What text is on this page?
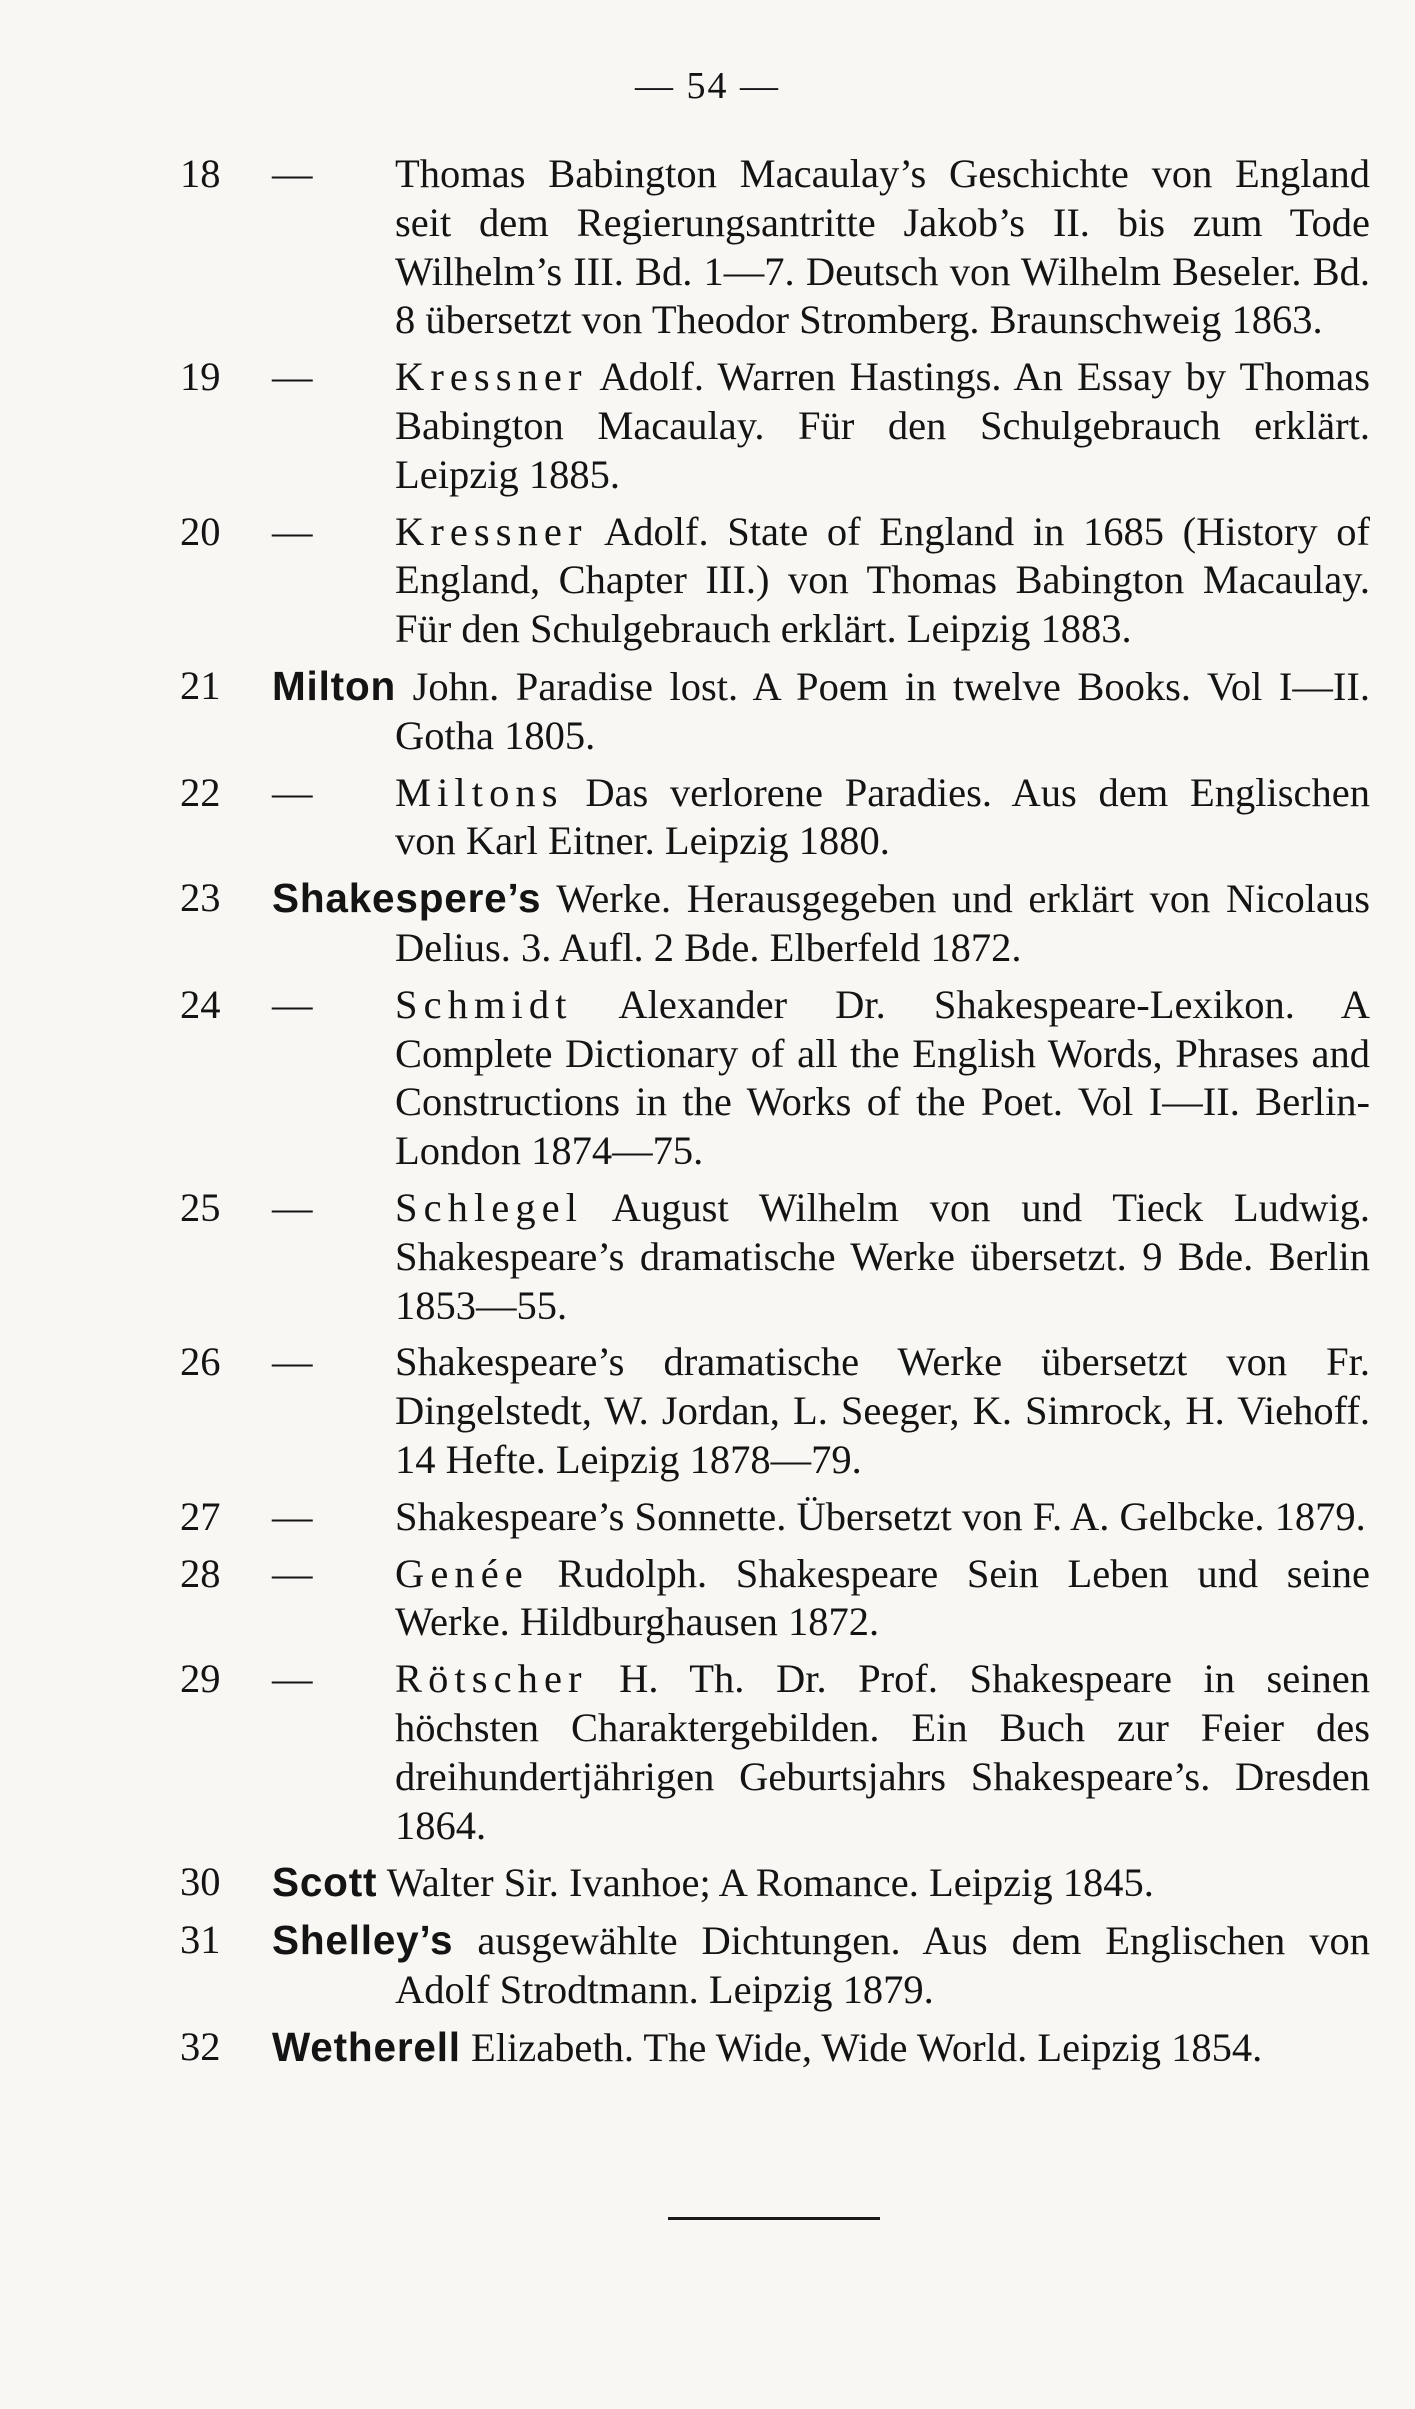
— 54 —
18 — Thomas Babington Macaulay’s Geschichte von England seit dem Regierungsantritte Jakob’s II. bis zum Tode Wilhelm’s III. Bd. 1—7. Deutsch von Wilhelm Beseler. Bd. 8 übersetzt von Theodor Stromberg. Braunschweig 1863.
19 — Kressner Adolf. Warren Hastings. An Essay by Thomas Babington Macaulay. Für den Schulgebrauch erklärt. Leipzig 1885.
20 — Kressner Adolf. State of England in 1685 (History of England, Chapter III.) von Thomas Babington Macaulay. Für den Schulgebrauch erklärt. Leipzig 1883.
21 Milton John. Paradise lost. A Poem in twelve Books. Vol I—II. Gotha 1805.
22 — Miltons Das verlorene Paradies. Aus dem Englischen von Karl Eitner. Leipzig 1880.
23 Shakespere’s Werke. Herausgegeben und erklärt von Nicolaus Delius. 3. Aufl. 2 Bde. Elberfeld 1872.
24 — Schmidt Alexander Dr. Shakespeare-Lexikon. A Complete Dictionary of all the English Words, Phrases and Constructions in the Works of the Poet. Vol I—II. Berlin-London 1874—75.
25 — Schlegel August Wilhelm von und Tieck Ludwig. Shakespeare’s dramatische Werke übersetzt. 9 Bde. Berlin 1853—55.
26 — Shakespeare’s dramatische Werke übersetzt von Fr. Dingelstedt, W. Jordan, L. Seeger, K. Simrock, H. Viehoff. 14 Hefte. Leipzig 1878—79.
27 — Shakespeare’s Sonnette. Übersetzt von F. A. Gelbcke. 1879.
28 — Genée Rudolph. Shakespeare Sein Leben und seine Werke. Hildburghausen 1872.
29 — Rötscher H. Th. Dr. Prof. Shakespeare in seinen höchsten Charaktergebilden. Ein Buch zur Feier des dreihundertjährigen Geburtsjahrs Shakespeare’s. Dresden 1864.
30 Scott Walter Sir. Ivanhoe; A Romance. Leipzig 1845.
31 Shelley’s ausgewählte Dichtungen. Aus dem Englischen von Adolf Strodtmann. Leipzig 1879.
32 Wetherell Elizabeth. The Wide, Wide World. Leipzig 1854.
